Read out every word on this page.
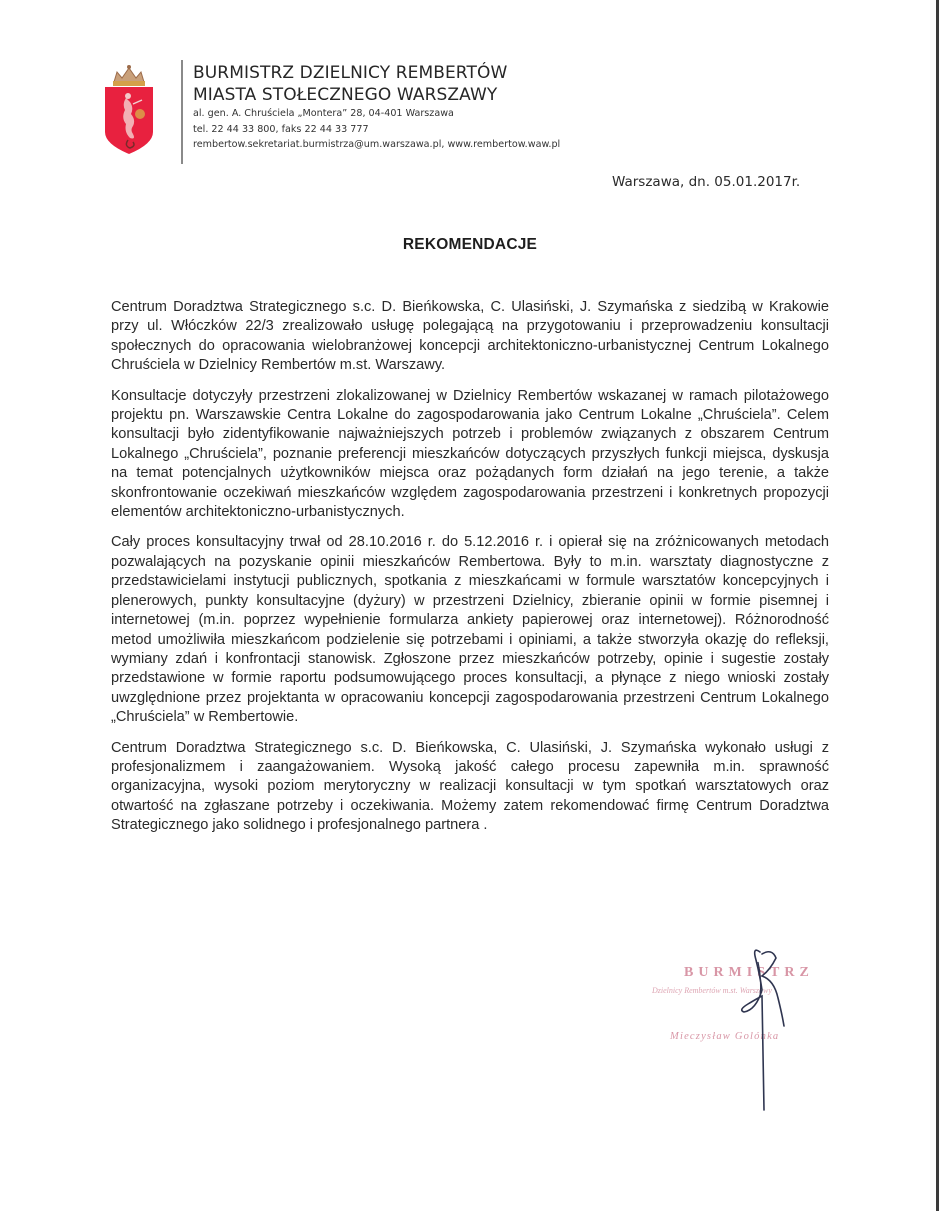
BURMISTRZ DZIELNICY REMBERTÓW
MIASTA STOŁECZNEGO WARSZAWY
al. gen. A. Chruściela „Montera” 28, 04-401 Warszawa
tel. 22 44 33 800, faks 22 44 33 777
rembertow.sekretariat.burmistrza@um.warszawa.pl, www.rembertow.waw.pl
Warszawa, dn. 05.01.2017r.
REKOMENDACJE

Centrum Doradztwa Strategicznego s.c. D. Bieńkowska, C. Ulasiński, J. Szymańska z siedzibą w Krakowie przy ul. Włóczków 22/3 zrealizowało usługę polegającą na przygotowaniu i przeprowadzeniu konsultacji społecznych do opracowania wielobranżowej koncepcji architektoniczno-urbanistycznej Centrum Lokalnego Chruściela w Dzielnicy Rembertów m.st. Warszawy.

Konsultacje dotyczyły przestrzeni zlokalizowanej w Dzielnicy Rembertów wskazanej w ramach pilotażowego projektu pn. Warszawskie Centra Lokalne do zagospodarowania jako Centrum Lokalne „Chruściela”. Celem konsultacji było zidentyfikowanie najważniejszych potrzeb i problemów związanych z obszarem Centrum Lokalnego „Chruściela”, poznanie preferencji mieszkańców dotyczących przyszłych funkcji miejsca, dyskusja na temat potencjalnych użytkowników miejsca oraz pożądanych form działań na jego terenie, a także skonfrontowanie oczekiwań mieszkańców względem zagospodarowania przestrzeni i konkretnych propozycji elementów architektoniczno-urbanistycznych.

Cały proces konsultacyjny trwał od 28.10.2016 r. do 5.12.2016 r. i opierał się na zróżnicowanych metodach pozwalających na pozyskanie opinii mieszkańców Rembertowa. Były to m.in. warsztaty diagnostyczne z przedstawicielami instytucji publicznych, spotkania z mieszkańcami w formule warsztatów koncepcyjnych i plenerowych, punkty konsultacyjne (dyżury) w przestrzeni Dzielnicy, zbieranie opinii w formie pisemnej i internetowej (m.in. poprzez wypełnienie formularza ankiety papierowej oraz internetowej). Różnorodność metod umożliwiła mieszkańcom podzielenie się potrzebami i opiniami, a także stworzyła okazję do refleksji, wymiany zdań i konfrontacji stanowisk. Zgłoszone przez mieszkańców potrzeby, opinie i sugestie zostały przedstawione w formie raportu podsumowującego proces konsultacji, a płynące z niego wnioski zostały uwzględnione przez projektanta w opracowaniu koncepcji zagospodarowania przestrzeni Centrum Lokalnego „Chruściela” w Rembertowie.

Centrum Doradztwa Strategicznego s.c. D. Bieńkowska, C. Ulasiński, J. Szymańska wykonało usługi z profesjonalizmem i zaangażowaniem. Wysoką jakość całego procesu zapewniła m.in. sprawność organizacyjna, wysoki poziom merytoryczny w realizacji konsultacji w tym spotkań warsztatowych oraz otwartość na zgłaszane potrzeby i oczekiwania. Możemy zatem rekomendować firmę Centrum Doradztwa Strategicznego jako solidnego i profesjonalnego partnera .

BURMISTRZ
Dzielnicy Rembertów m.st. Warszawy
Mieczysław Golónka
